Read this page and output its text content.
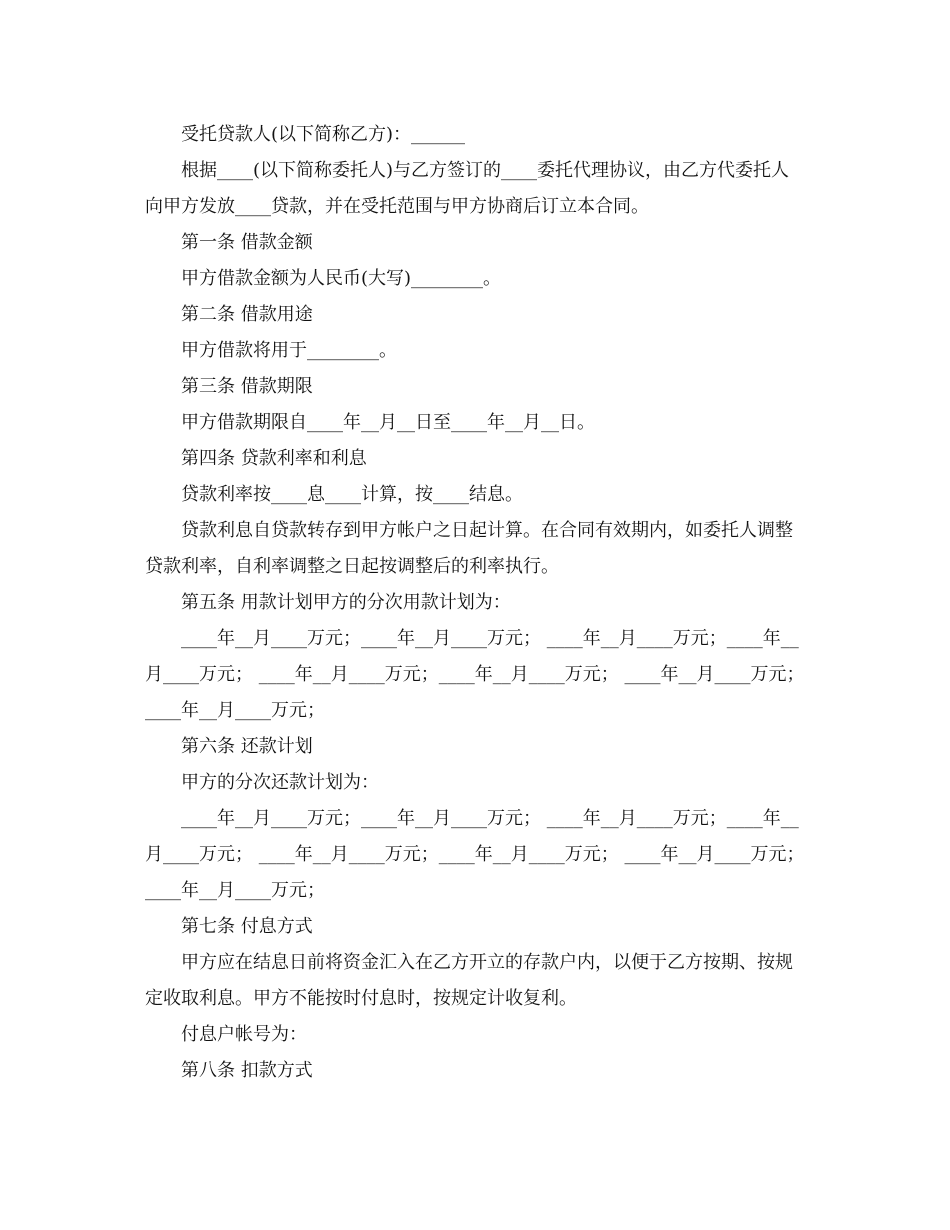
受托贷款人(以下简称乙方)：______

根据____(以下简称委托人)与乙方签订的____委托代理协议，由乙方代委托人向甲方发放____贷款，并在受托范围与甲方协商后订立本合同。

第一条 借款金额

甲方借款金额为人民币(大写)________。

第二条 借款用途

甲方借款将用于________。

第三条 借款期限

甲方借款期限自____年__月__日至____年__月__日。

第四条 贷款利率和利息

贷款利率按____息____计算，按____结息。

贷款利息自贷款转存到甲方帐户之日起计算。在合同有效期内，如委托人调整贷款利率，自利率调整之日起按调整后的利率执行。

第五条 用款计划甲方的分次用款计划为：

____年__月____万元；____年__月____万元； ____年__月____万元；____年__月____万元； ____年__月____万元；____年__月____万元； ____年__月____万元；____年__月____万元；

第六条 还款计划

甲方的分次还款计划为：

____年__月____万元；____年__月____万元； ____年__月____万元；____年__月____万元； ____年__月____万元；____年__月____万元； ____年__月____万元；____年__月____万元；

第七条 付息方式

甲方应在结息日前将资金汇入在乙方开立的存款户内，以便于乙方按期、按规定收取利息。甲方不能按时付息时，按规定计收复利。

付息户帐号为：

第八条 扣款方式
